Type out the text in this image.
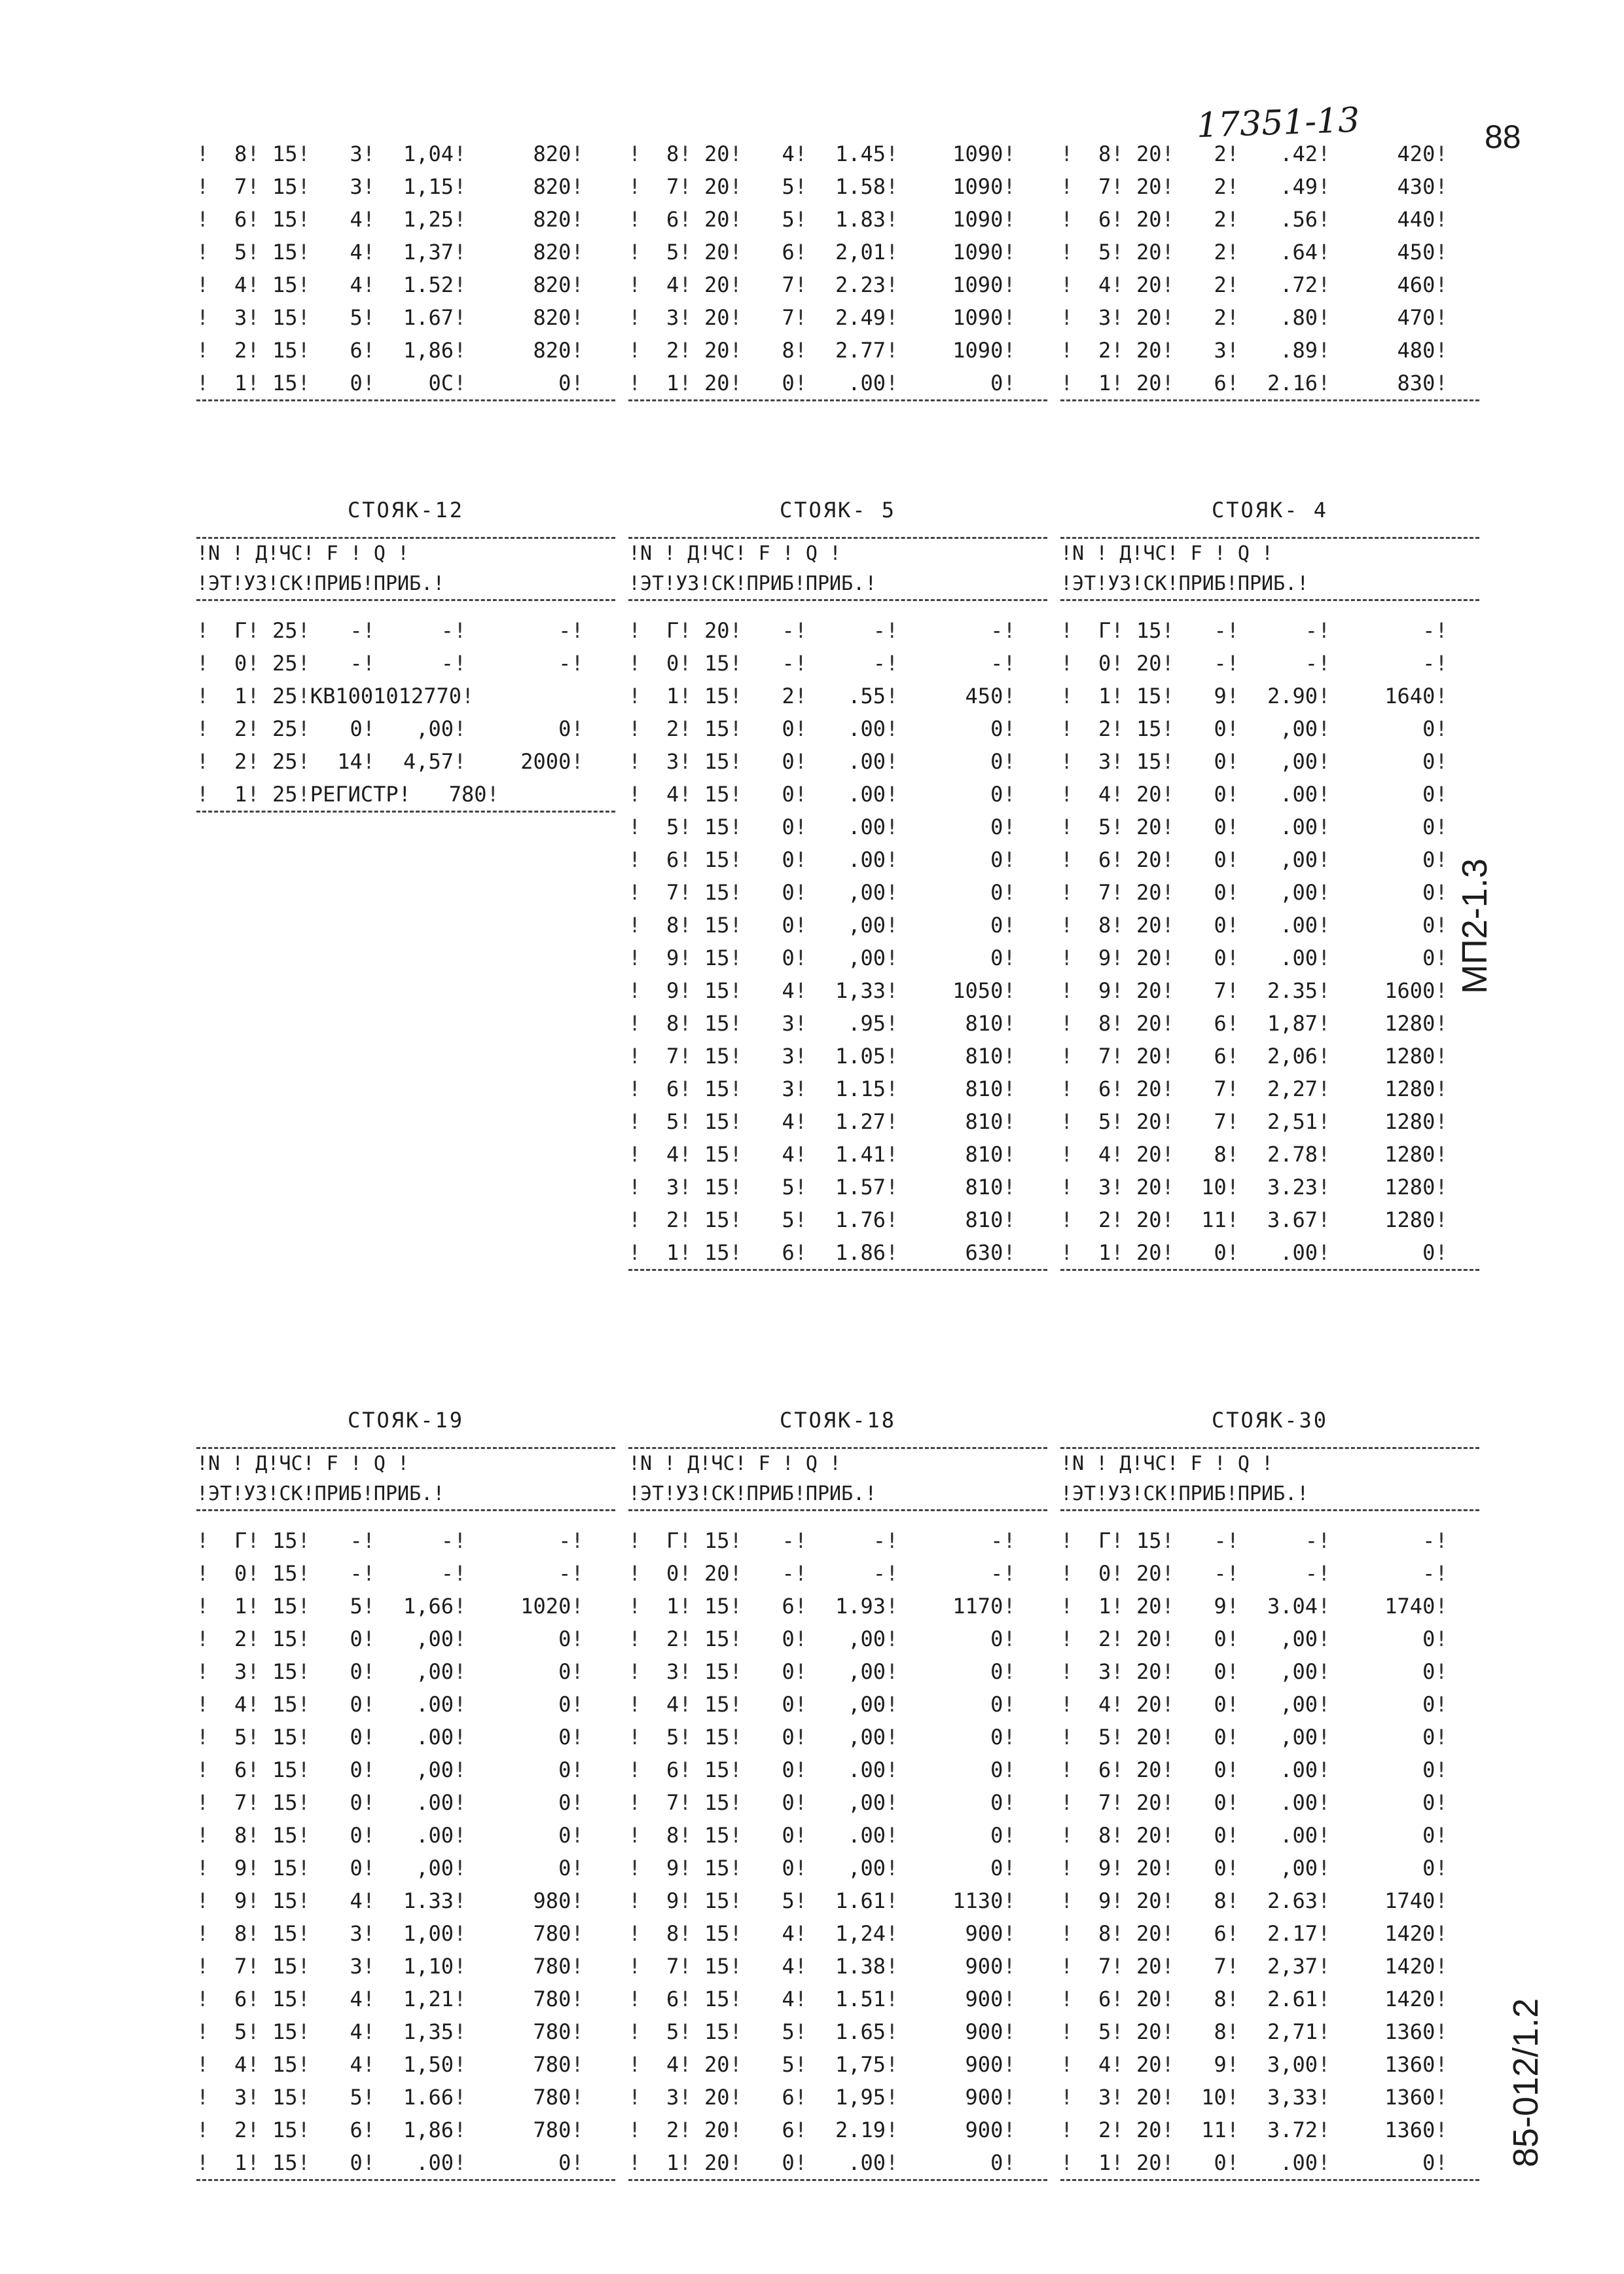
17351-13	88
МП2-1.3
85-012/1.2
!	8 ! 15 !	3 !	1,04 !	820 !
!	7 ! 15 !	3 !	1,15 !	820 !
!	6 ! 15 !	4 !	1,25 !	820 !
!	5 ! 15 !	4 !	1,37 !	820 !
!	4 ! 15 !	4 !	1.52 !	820 !
!	3 ! 15 !	5 !	1.67 !	820 !
!	2 ! 15 !	6 !	1,86 !	820 !
!	1 ! 15 !	0 !	0C !	0 !
!	8 ! 20 !	4 !	1.45 !	1090 !
!	7 ! 20 !	5 !	1.58 !	1090 !
!	6 ! 20 !	5 !	1.83 !	1090 !
!	5 ! 20 !	6 !	2,01 !	1090 !
!	4 ! 20 !	7 !	2.23 !	1090 !
!	3 ! 20 !	7 !	2.49 !	1090 !
!	2 ! 20 !	8 !	2.77 !	1090 !
!	1 ! 20 !	0 !	.00 !	0 !
!	8 ! 20 !	2 !	.42 !	420 !
!	7 ! 20 !	2 !	.49 !	430 !
!	6 ! 20 !	2 !	.56 !	440 !
!	5 ! 20 !	2 !	.64 !	450 !
!	4 ! 20 !	2 !	.72 !	460 !
!	3 ! 20 !	2 !	.80 !	470 !
!	2 ! 20 !	3 !	.89 !	480 !
!	1 ! 20 !	6 !	2.16 !	830 !
СТОЯК-12
!N ! Д!ЧС! F ! Q !
!ЭТ!УЗ!СК!ПРИБ!ПРИБ.!
!	Г ! 25 !	- !	- !	- !
!	0 ! 25 !	- !	- !	- !
!	1 ! 25 ! КВ1001012770 !
!	2 ! 25 !	0 !	,00 !	0 !
!	2 ! 25 !	14 !	4,57 !	2000 !
!	1 ! 25 ! РЕГИСТР!   780 !
СТОЯК- 5
!N ! Д!ЧС! F ! Q !
!ЭТ!УЗ!СК!ПРИБ!ПРИБ.!
!	Г ! 20 !	- !	- !	- !
!	0 ! 15 !	- !	- !	- !
!	1 ! 15 !	2 !	.55 !	450 !
!	2 ! 15 !	0 !	.00 !	0 !
!	3 ! 15 !	0 !	.00 !	0 !
!	4 ! 15 !	0 !	.00 !	0 !
!	5 ! 15 !	0 !	.00 !	0 !
!	6 ! 15 !	0 !	.00 !	0 !
!	7 ! 15 !	0 !	,00 !	0 !
!	8 ! 15 !	0 !	,00 !	0 !
!	9 ! 15 !	0 !	,00 !	0 !
!	9 ! 15 !	4 !	1,33 !	1050 !
!	8 ! 15 !	3 !	.95 !	810 !
!	7 ! 15 !	3 !	1.05 !	810 !
!	6 ! 15 !	3 !	1.15 !	810 !
!	5 ! 15 !	4 !	1.27 !	810 !
!	4 ! 15 !	4 !	1.41 !	810 !
!	3 ! 15 !	5 !	1.57 !	810 !
!	2 ! 15 !	5 !	1.76 !	810 !
!	1 ! 15 !	6 !	1.86 !	630 !
СТОЯК- 4
!N ! Д!ЧС! F ! Q !
!ЭТ!УЗ!СК!ПРИБ!ПРИБ.!
!	Г ! 15 !	- !	- !	- !
!	0 ! 20 !	- !	- !	- !
!	1 ! 15 !	9 !	2.90 !	1640 !
!	2 ! 15 !	0 !	,00 !	0 !
!	3 ! 15 !	0 !	,00 !	0 !
!	4 ! 20 !	0 !	.00 !	0 !
!	5 ! 20 !	0 !	.00 !	0 !
!	6 ! 20 !	0 !	,00 !	0 !
!	7 ! 20 !	0 !	,00 !	0 !
!	8 ! 20 !	0 !	.00 !	0 !
!	9 ! 20 !	0 !	.00 !	0 !
!	9 ! 20 !	7 !	2.35 !	1600 !
!	8 ! 20 !	6 !	1,87 !	1280 !
!	7 ! 20 !	6 !	2,06 !	1280 !
!	6 ! 20 !	7 !	2,27 !	1280 !
!	5 ! 20 !	7 !	2,51 !	1280 !
!	4 ! 20 !	8 !	2.78 !	1280 !
!	3 ! 20 !	10 !	3.23 !	1280 !
!	2 ! 20 !	11 !	3.67 !	1280 !
!	1 ! 20 !	0 !	.00 !	0 !
СТОЯК-19
!N ! Д!ЧС! F ! Q !
!ЭТ!УЗ!СК!ПРИБ!ПРИБ.!
!	Г ! 15 !	- !	- !	- !
!	0 ! 15 !	- !	- !	- !
!	1 ! 15 !	5 !	1,66 !	1020 !
!	2 ! 15 !	0 !	,00 !	0 !
!	3 ! 15 !	0 !	,00 !	0 !
!	4 ! 15 !	0 !	.00 !	0 !
!	5 ! 15 !	0 !	.00 !	0 !
!	6 ! 15 !	0 !	,00 !	0 !
!	7 ! 15 !	0 !	.00 !	0 !
!	8 ! 15 !	0 !	.00 !	0 !
!	9 ! 15 !	0 !	,00 !	0 !
!	9 ! 15 !	4 !	1.33 !	980 !
!	8 ! 15 !	3 !	1,00 !	780 !
!	7 ! 15 !	3 !	1,10 !	780 !
!	6 ! 15 !	4 !	1,21 !	780 !
!	5 ! 15 !	4 !	1,35 !	780 !
!	4 ! 15 !	4 !	1,50 !	780 !
!	3 ! 15 !	5 !	1.66 !	780 !
!	2 ! 15 !	6 !	1,86 !	780 !
!	1 ! 15 !	0 !	.00 !	0 !
СТОЯК-18
!N ! Д!ЧС! F ! Q !
!ЭТ!УЗ!СК!ПРИБ!ПРИБ.!
!	Г ! 15 !	- !	- !	- !
!	0 ! 20 !	- !	- !	- !
!	1 ! 15 !	6 !	1.93 !	1170 !
!	2 ! 15 !	0 !	,00 !	0 !
!	3 ! 15 !	0 !	,00 !	0 !
!	4 ! 15 !	0 !	,00 !	0 !
!	5 ! 15 !	0 !	,00 !	0 !
!	6 ! 15 !	0 !	.00 !	0 !
!	7 ! 15 !	0 !	,00 !	0 !
!	8 ! 15 !	0 !	.00 !	0 !
!	9 ! 15 !	0 !	,00 !	0 !
!	9 ! 15 !	5 !	1.61 !	1130 !
!	8 ! 15 !	4 !	1,24 !	900 !
!	7 ! 15 !	4 !	1.38 !	900 !
!	6 ! 15 !	4 !	1.51 !	900 !
!	5 ! 15 !	5 !	1.65 !	900 !
!	4 ! 20 !	5 !	1,75 !	900 !
!	3 ! 20 !	6 !	1,95 !	900 !
!	2 ! 20 !	6 !	2.19 !	900 !
!	1 ! 20 !	0 !	.00 !	0 !
СТОЯК-30
!N ! Д!ЧС! F ! Q !
!ЭТ!УЗ!СК!ПРИБ!ПРИБ.!
!	Г ! 15 !	- !	- !	- !
!	0 ! 20 !	- !	- !	- !
!	1 ! 20 !	9 !	3.04 !	1740 !
!	2 ! 20 !	0 !	,00 !	0 !
!	3 ! 20 !	0 !	,00 !	0 !
!	4 ! 20 !	0 !	,00 !	0 !
!	5 ! 20 !	0 !	,00 !	0 !
!	6 ! 20 !	0 !	.00 !	0 !
!	7 ! 20 !	0 !	.00 !	0 !
!	8 ! 20 !	0 !	.00 !	0 !
!	9 ! 20 !	0 !	,00 !	0 !
!	9 ! 20 !	8 !	2.63 !	1740 !
!	8 ! 20 !	6 !	2.17 !	1420 !
!	7 ! 20 !	7 !	2,37 !	1420 !
!	6 ! 20 !	8 !	2.61 !	1420 !
!	5 ! 20 !	8 !	2,71 !	1360 !
!	4 ! 20 !	9 !	3,00 !	1360 !
!	3 ! 20 !	10 !	3,33 !	1360 !
!	2 ! 20 !	11 !	3.72 !	1360 !
!	1 ! 20 !	0 !	.00 !	0 !
